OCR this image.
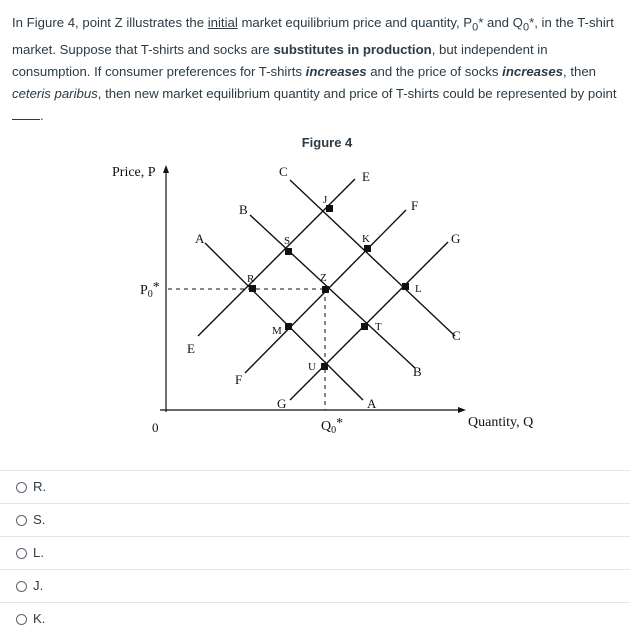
In Figure 4, point Z illustrates the initial market equilibrium price and quantity, $P_0*$ and $Q_0*$, in the T-shirt market. Suppose that T-shirts and socks are substitutes in production, but independent in consumption. If consumer preferences for T-shirts increases and the price of socks increases, then ceteris paribus, then new market equilibrium quantity and price of T-shirts could be represented by point.
Figure 4
Price, P
Quantity, Q
0
$P_0*$
$Q_0*$
A
B
C	E
F
G
E
F
G	A
B
C
J
S	K
R	Z
L
M	T
U
R.
S.
L.
J.
K.
